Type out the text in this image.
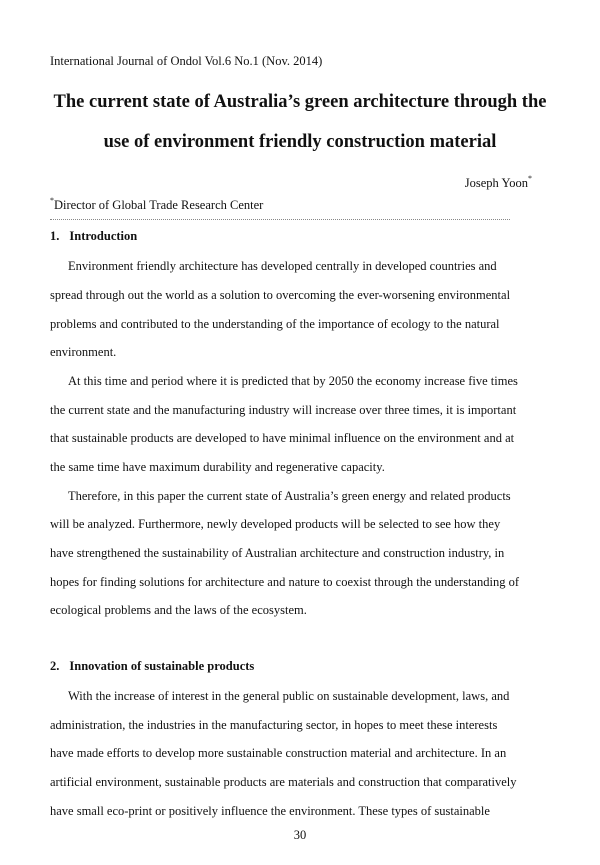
International Journal of Ondol Vol.6 No.1 (Nov. 2014)
The current state of Australia’s green architecture through the
use of environment friendly construction material
Joseph Yoon*
*Director of Global Trade Research Center
1. Introduction
Environment friendly architecture has developed centrally in developed countries and
spread through out the world as a solution to overcoming the ever-worsening environmental
problems and contributed to the understanding of the importance of ecology to the natural
environment.
At this time and period where it is predicted that by 2050 the economy increase five times
the current state and the manufacturing industry will increase over three times, it is important
that sustainable products are developed to have minimal influence on the environment and at
the same time have maximum durability and regenerative capacity.
Therefore, in this paper the current state of Australia’s green energy and related products
will be analyzed. Furthermore, newly developed products will be selected to see how they
have strengthened the sustainability of Australian architecture and construction industry, in
hopes for finding solutions for architecture and nature to coexist through the understanding of
ecological problems and the laws of the ecosystem.
2. Innovation of sustainable products
With the increase of interest in the general public on sustainable development, laws, and
administration, the industries in the manufacturing sector, in hopes to meet these interests
have made efforts to develop more sustainable construction material and architecture. In an
artificial environment, sustainable products are materials and construction that comparatively
have small eco-print or positively influence the environment. These types of sustainable
30
